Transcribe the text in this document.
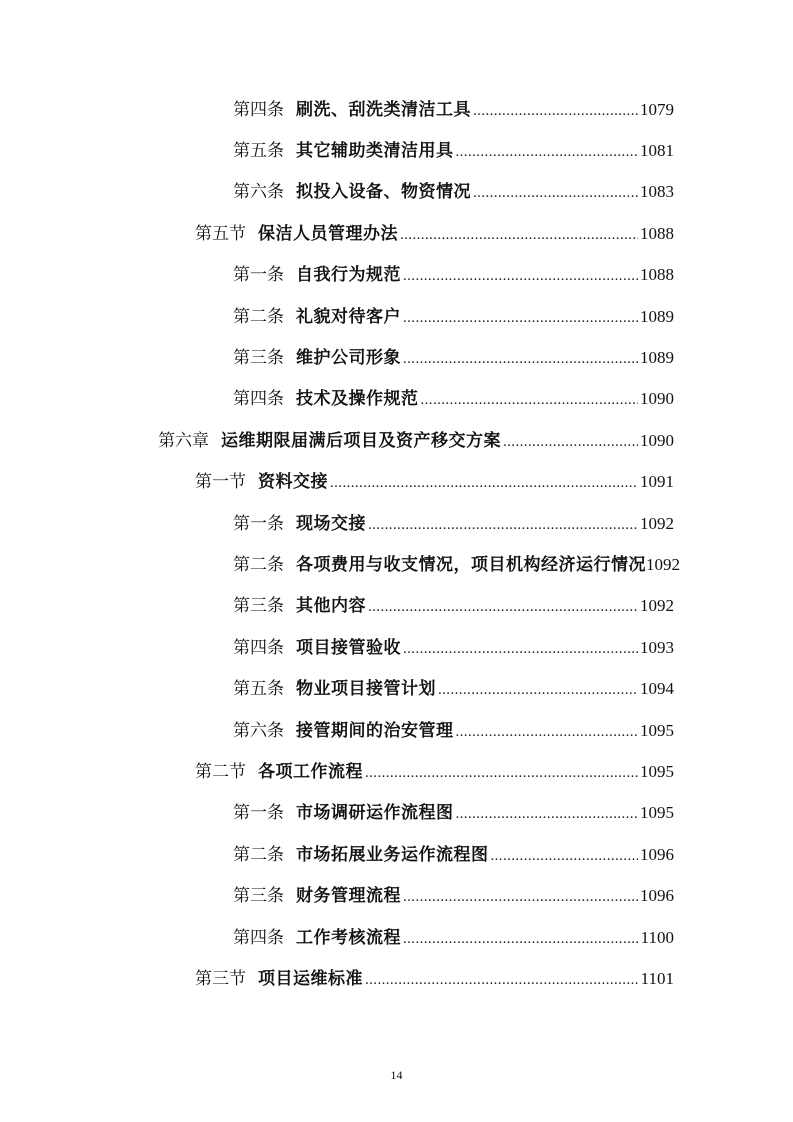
第四条 刷洗、刮洗类清洁工具 .....	1079
第五条 其它辅助类清洁用具 .....	1081
第六条 拟投入设备、物资情况 .....	1083
第五节 保洁人员管理办法 .....	1088
第一条 自我行为规范 .....	1088
第二条 礼貌对待客户 .....	1089
第三条 维护公司形象 .....	1089
第四条 技术及操作规范 .....	1090
第六章 运维期限届满后项目及资产移交方案 .....	1090
第一节 资料交接 .....	1091
第一条 现场交接 .....	1092
第二条 各项费用与收支情况，项目机构经济运行情况 1092
第三条 其他内容 .....	1092
第四条 项目接管验收 .....	1093
第五条 物业项目接管计划 .....	1094
第六条 接管期间的治安管理 .....	1095
第二节 各项工作流程 .....	1095
第一条 市场调研运作流程图 .....	1095
第二条 市场拓展业务运作流程图 .....	1096
第三条 财务管理流程 .....	1096
第四条 工作考核流程 .....	1100
第三节 项目运维标准 .....	1101
14
